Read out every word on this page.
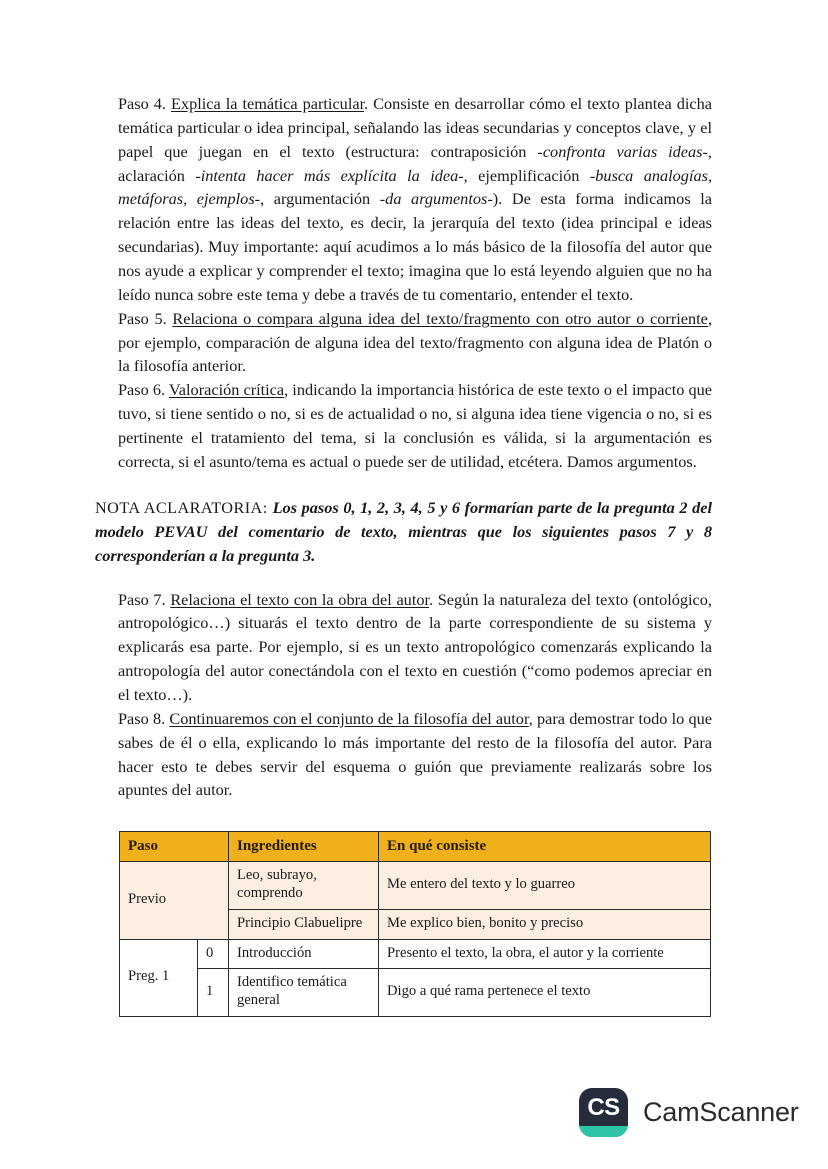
Paso 4. Explica la temática particular. Consiste en desarrollar cómo el texto plantea dicha temática particular o idea principal, señalando las ideas secundarias y conceptos clave, y el papel que juegan en el texto (estructura: contraposición -confronta varias ideas-, aclaración -intenta hacer más explícita la idea-, ejemplificación -busca analogías, metáforas, ejemplos-, argumentación -da argumentos-). De esta forma indicamos la relación entre las ideas del texto, es decir, la jerarquía del texto (idea principal e ideas secundarias). Muy importante: aquí acudimos a lo más básico de la filosofía del autor que nos ayude a explicar y comprender el texto; imagina que lo está leyendo alguien que no ha leído nunca sobre este tema y debe a través de tu comentario, entender el texto.

Paso 5. Relaciona o compara alguna idea del texto/fragmento con otro autor o corriente, por ejemplo, comparación de alguna idea del texto/fragmento con alguna idea de Platón o la filosofía anterior.

Paso 6. Valoración crítica, indicando la importancia histórica de este texto o el impacto que tuvo, si tiene sentido o no, si es de actualidad o no, si alguna idea tiene vigencia o no, si es pertinente el tratamiento del tema, si la conclusión es válida, si la argumentación es correcta, si el asunto/tema es actual o puede ser de utilidad, etcétera. Damos argumentos.

NOTA ACLARATORIA: Los pasos 0, 1, 2, 3, 4, 5 y 6 formarían parte de la pregunta 2 del modelo PEVAU del comentario de texto, mientras que los siguientes pasos 7 y 8 corresponderían a la pregunta 3.

Paso 7. Relaciona el texto con la obra del autor. Según la naturaleza del texto (ontológico, antropológico…) situarás el texto dentro de la parte correspondiente de su sistema y explicarás esa parte. Por ejemplo, si es un texto antropológico comenzarás explicando la antropología del autor conectándola con el texto en cuestión (“como podemos apreciar en el texto…).

Paso 8. Continuaremos con el conjunto de la filosofía del autor, para demostrar todo lo que sabes de él o ella, explicando lo más importante del resto de la filosofía del autor. Para hacer esto te debes servir del esquema o guión que previamente realizarás sobre los apuntes del autor.

Paso		Ingredientes	En qué consiste
Previo		Leo, subrayo, comprendo	Me entero del texto y lo guarreo
		Principio Clabuelipre	Me explico bien, bonito y preciso
Preg. 1	0	Introducción	Presento el texto, la obra, el autor y la corriente
	1	Identifico temática general	Digo a qué rama pertenece el texto
CS CamScanner
